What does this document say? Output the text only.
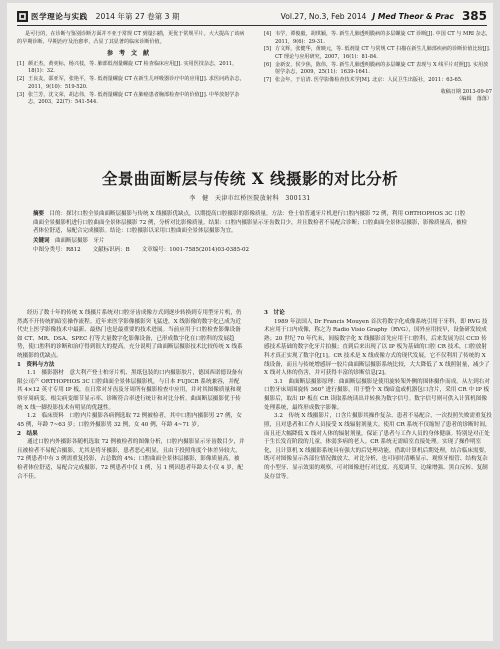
医学理论与实践 2014 年第 27 卷第 3 期	Vol.27, No.3, Feb 2014 J Med Theor & Prac 385

是可行的，在诊断与鉴别诊断方面并不亚于常规 CT 到量扫描，更优于常规平片。大大提高了该病的早期诊断、早期治疗及治愈率，凸显了其显著的临床诊断价值。

参考文献
[1] 颜正杰，黄奕标，杨兴枝，等. 肺部低剂量螺旋 CT 检查临床应用[J]. 实用医技杂志，2011，18(1)：32.
[2] 王良友，邵亚军，张艳平，等. 低剂量螺旋 CT 在新生儿呼吸器诊疗中的应用[J]. 求医问药杂志，2011，9(10)：519-520.
[3] 张兰芳，沈文荣，胡志伟，等. 低剂量螺旋 CT 在肺癌患者胸部检查中的价值[J]. 中华放射学杂志，2003，22(7)：541-544.
[4] 韦学，谭俊毅，胡琪颖，等. 新生儿肺透明膜病的多层螺旋 CT 诊断[J]. 中国 CT 与 MRI 杂志，2011，9(6)：29-31.
[5] 方文辉，张健华，黄映元，等. 低剂量 CT 与常规 CT 扫描在新生儿肺部疾病的诊断价值比较[J]. CT 理论与应用研究，2007，16(1)：81-84.
[6] 金新安，侯少焦，陈伟，等. 新生儿肺透明膜病的多层螺旋 CT 表现与 X 线平片对照[J]. 实用放射学杂志，2009，25(11)：1639-1641.
[7] 张会年，于启清. 医学影像检查技术学[M]. 北京：人民卫生出版社，2011：63-65.
收稿日期 2013-09-07
（编辑　落落）
全景曲面断层与传统 X 线摄影的对比分析
李　健　天津市红桥医院放射科　300131

摘要　 目的：探讨口腔全景曲面断层摄影与传统 X 线摄影优缺点，以期提高口腔摄影的影像质量。方法：登士伯普通牙片机进行口腔内摄影 72 例，利用 ORTHOPHOS 3C 口腔曲面全景摄影机进行口腔曲面全景体层摄影 72 例，分析对比影像质量。结果：口腔内摄影显示牙齿数目少，并且数检者不易配合诊断；口腔曲面全景体层摄影，影像质量高，被检者体位舒适，易配合完成摄影。结论：口腔摄影以采用口腔曲面全景体层摄影为宜。

关键词　 曲面断层摄影　牙片

中图分类号：R812 文献标识码：B 文章编号：1001-7585(2014)03-0385-02

经历了数十年的传统 X 线摄片系统对口腔牙齿成像方式到逐步转换到专用型牙片机，仍然离不开传统的暗室操作流程。近年来医学影像摄影突飞猛进，X 线影像的数字化已成为近代史上医学影像技术中最新、最热门也是最重要的技术进展。当前应用于口腔检查影像设备如 CT、MR、DSA、SPEC 打等大量数字化影像设备，已形成数字化在口腔科的发展趋势，使口腔科的诊断和治疗得到很大的提高。充分说明了曲面断层摄影技术比较传统 X 线系统摄影的优缺点。

1　资料与方法

1.1　摄影器材　意大利产登士柏牙片机、黑纸包装的口内摄影胶片，德国西诺德设备有限公司产 ORTHOPHOS 3C 口腔曲面全景体层摄影机，与日本 FUJICR 系统兼容，并配其 4×12 英寸专用 IP 板，在日常对牙齿及牙周所有摄影检查中应用，并对其图像质量和观察牙周病变、根尖病变细节显示率、诊断符合率进行统计和对比分析。曲面断层摄影优于传统 X 线一脚投影技术有明显的优越性。

1.2　临床资料　口腔内片摄影各病例选取 72 例被检者，其中口腔内摄影男 27 例，女 45 例，年龄 7~63 岁；口腔外摄影男 32 例，女 40 例，年龄 4~71 岁。

2　结果

通过口腔内外摄影各随机选取 72 例被检者的图像分析，口腔内摄影显示牙齿数目少，并且被检者不易配合摄影，尤其是将牙摄影，患者恶心明显，且由于投照角度个体差异较大，72 例患者中有 3 例需重复投影，占总数的 4%；口腔曲面全景体层摄影，影像质量高，被检者体位舒适，易配合完成摄影，72 例患者中仅 1 例，另 1 例因患者年龄太小仅 4 岁，配合不佳。

3　讨论

1989 年法国人 Dr Francis Mouyen 首次将数字化成像系统引用于牙科，即 RVG 技术应用于口内成像，称之为 Radio Visio Graphy（RVG），国外应用较早，设备研发较成熟；20 世纪 70 年代末，间接数字化 X 线摄影首先应用于口腔科，后来发展为以 CCD 传感技术基础的数字化牙片拍摄；直到后来出现了以 IP 板为基础的口腔 CR 技术，口腔放射科才真正实现了数字化[1]。CR 技术是 X 线成像方式的现代发展，它不仅利用了传统的 X 线设备，而且与传统增感屏一胶片曲面断层摄影系统比较，大大降低了 X 线照射量，减少了 X 线对人体的伤害，并可获得丰富的诊断信息[2]。

3.1　曲面断层摄影原理：曲面断层摄影是使用旋转架外侧的围体摄作而成。从左到右对口腔牙床周围旋转 360° 进行摄影，用于整个 X 线暗盒或机器包口含片，采用 CR 中 IP 板摄影后，取出 IP 板在 CR 读取系统读出并转换为数字信号。数字信号则可供入计算机图像处理系统，最终形成数字影像。

3.2　传统 X 线摄影片，口含片摄影其操作复杂、患者不易配合，一次投照失败需重复投照，且对患者和工作人员接受 X 线辐射剂量大。使用 CR 系统不仅缩短了患者的诊断时间，而且还大幅降低 X 线对人体的辐射剂量，保证了患者与工作人员的身体健康。特别是对正处于生长发育阶段的儿童，体弱多病的老人。CR 系统无需暗室直接处理。实现了操作明室化，且计算机 X 线摄影系统具有强大的后处理功能，借助计算机后期处理，结合临床需要，既可对图像显示各部位情况做放大、对比分析，也可同时清晰显示、观察牙根管、结构复杂的小型牙、显示效果的观察，可对图像进行对比度、亮度调节，边缘增强、黑白反转、复制及存盘等。
